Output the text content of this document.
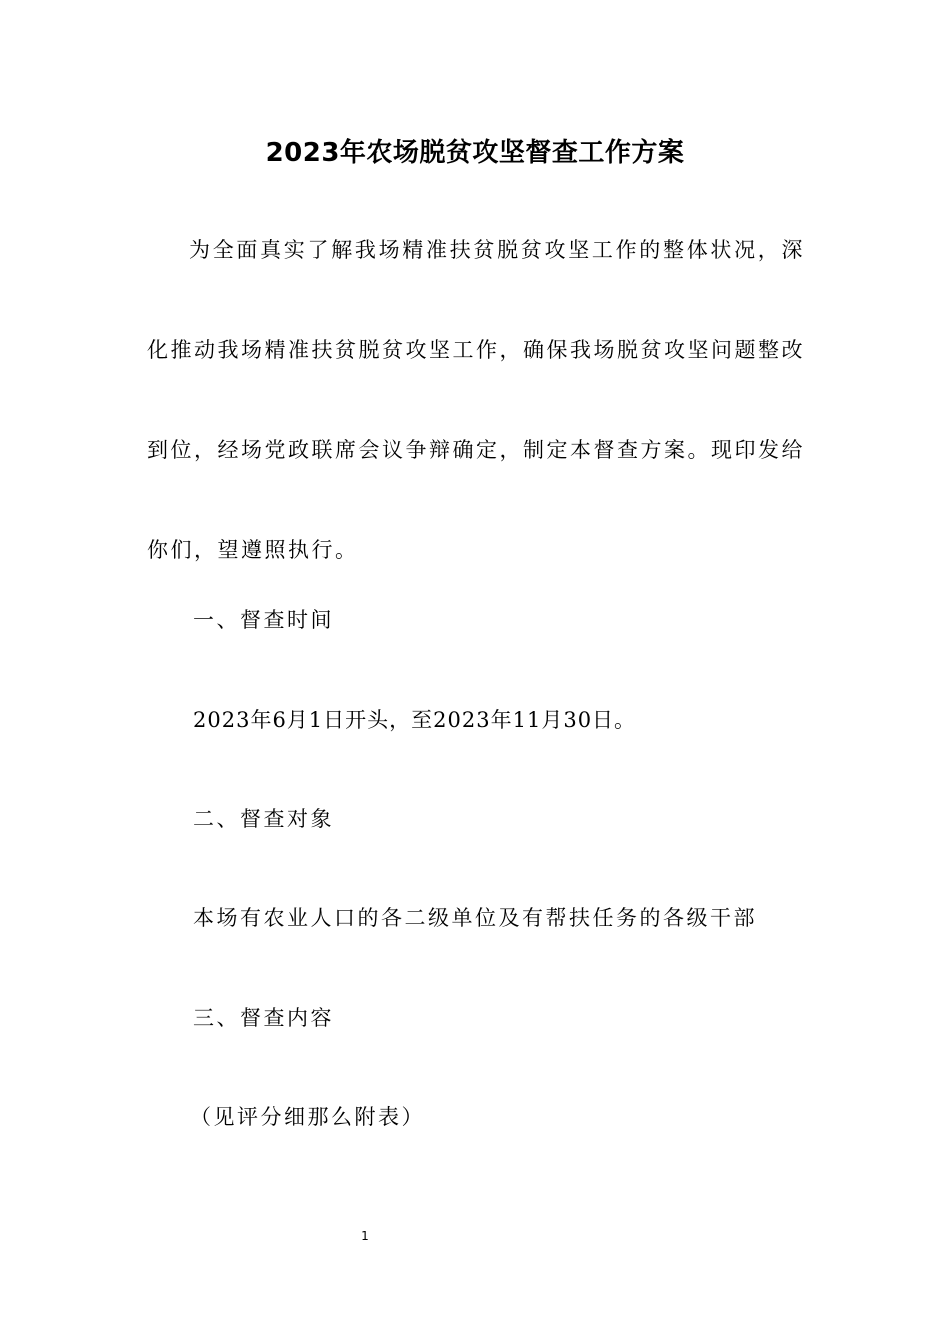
2023年农场脱贫攻坚督查工作方案

为全面真实了解我场精准扶贫脱贫攻坚工作的整体状况，深化推动我场精准扶贫脱贫攻坚工作，确保我场脱贫攻坚问题整改到位，经场党政联席会议争辩确定，制定本督查方案。现印发给你们，望遵照执行。

一、督查时间

2023年6月1日开头，至2023年11月30日。

二、督查对象

本场有农业人口的各二级单位及有帮扶任务的各级干部

三、督查内容

（见评分细那么附表）

1
